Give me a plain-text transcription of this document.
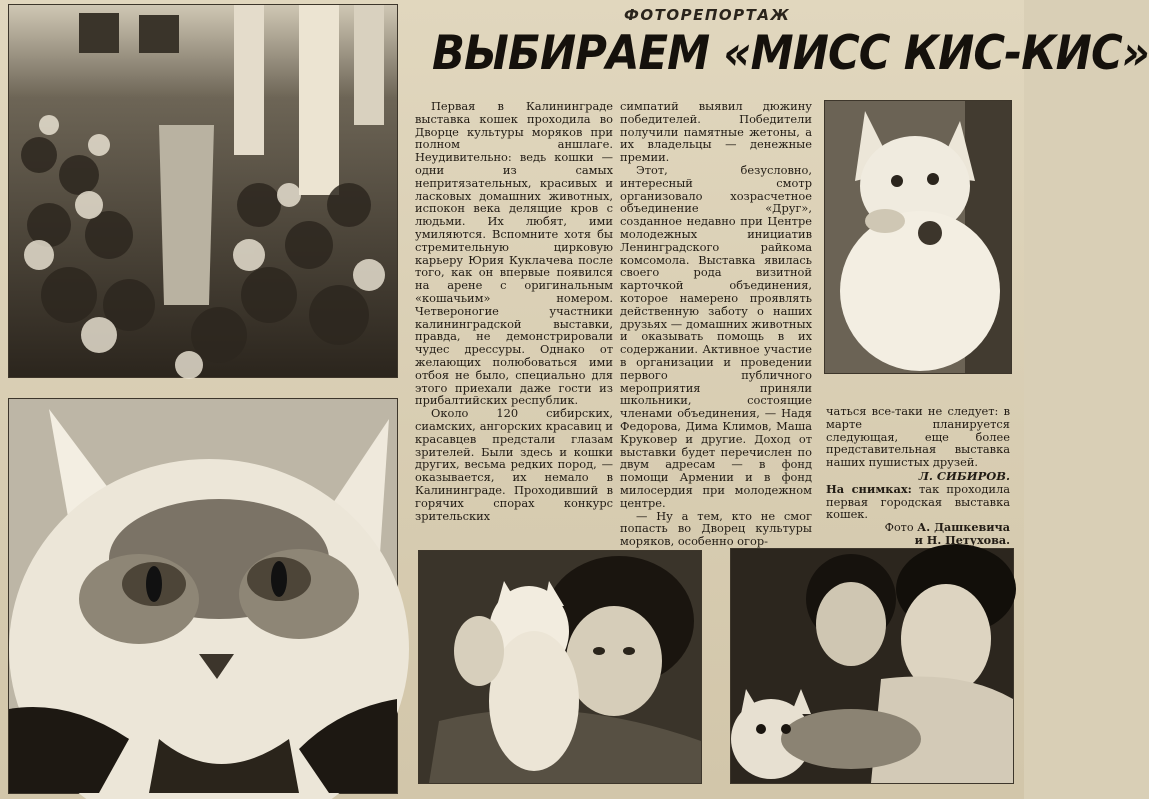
ФОТОРЕПОРТАЖ
ВЫБИРАЕМ «МИСС КИС-КИС»

Первая в Калининграде выставка кошек проходила во Дворце культуры моряков при полном аншлаге. Неудивительно: ведь кошки — одни из самых непритязательных, красивых и ласковых домашних животных, испокон века делящие кров с людьми. Их любят, ими умиляются. Вспомните хотя бы стремительную цирковую карьеру Юрия Куклачева после того, как он впервые появился на арене с оригинальным «кошачьим» номером. Четвероногие участники калининградской выставки, правда, не демонстрировали чудес дрессуры. Однако от желающих полюбоваться ими отбоя не было, специально для этого приехали даже гости из прибалтийских республик.

Около 120 сибирских, сиамских, ангорских красавиц и красавцев предстали глазам зрителей. Были здесь и кошки других, весьма редких пород, — оказывается, их немало в Калининграде. Проходивший в горячих спорах конкурс зрительских

симпатий выявил дюжину победителей. Победители получили памятные жетоны, а их владельцы — денежные премии.

Этот, безусловно, интересный смотр организовало хозрасчетное объединение «Друг», созданное недавно при Центре молодежных инициатив Ленинградского райкома комсомола. Выставка явилась своего рода визитной карточкой объединения, которое намерено проявлять действенную заботу о наших друзьях — домашних животных и оказывать помощь в их содержании. Активное участие в организации и проведении первого публичного мероприятия приняли школьники, состоящие членами объединения, — Надя Федорова, Дима Климов, Маша Круковер и другие. Доход от выставки будет перечислен по двум адресам — в фонд помощи Армении и в фонд милосердия при молодежном центре.

— Ну а тем, кто не смог попасть во Дворец культуры моряков, особенно огор-

чаться все-таки не следует: в марте планируется следующая, еще более представительная выставка наших пушистых друзей.

Л. СИБИРОВ.

На снимках: так проходила первая городская выставка кошек.

Фото А. Дашкевича
и Н. Петухова.
